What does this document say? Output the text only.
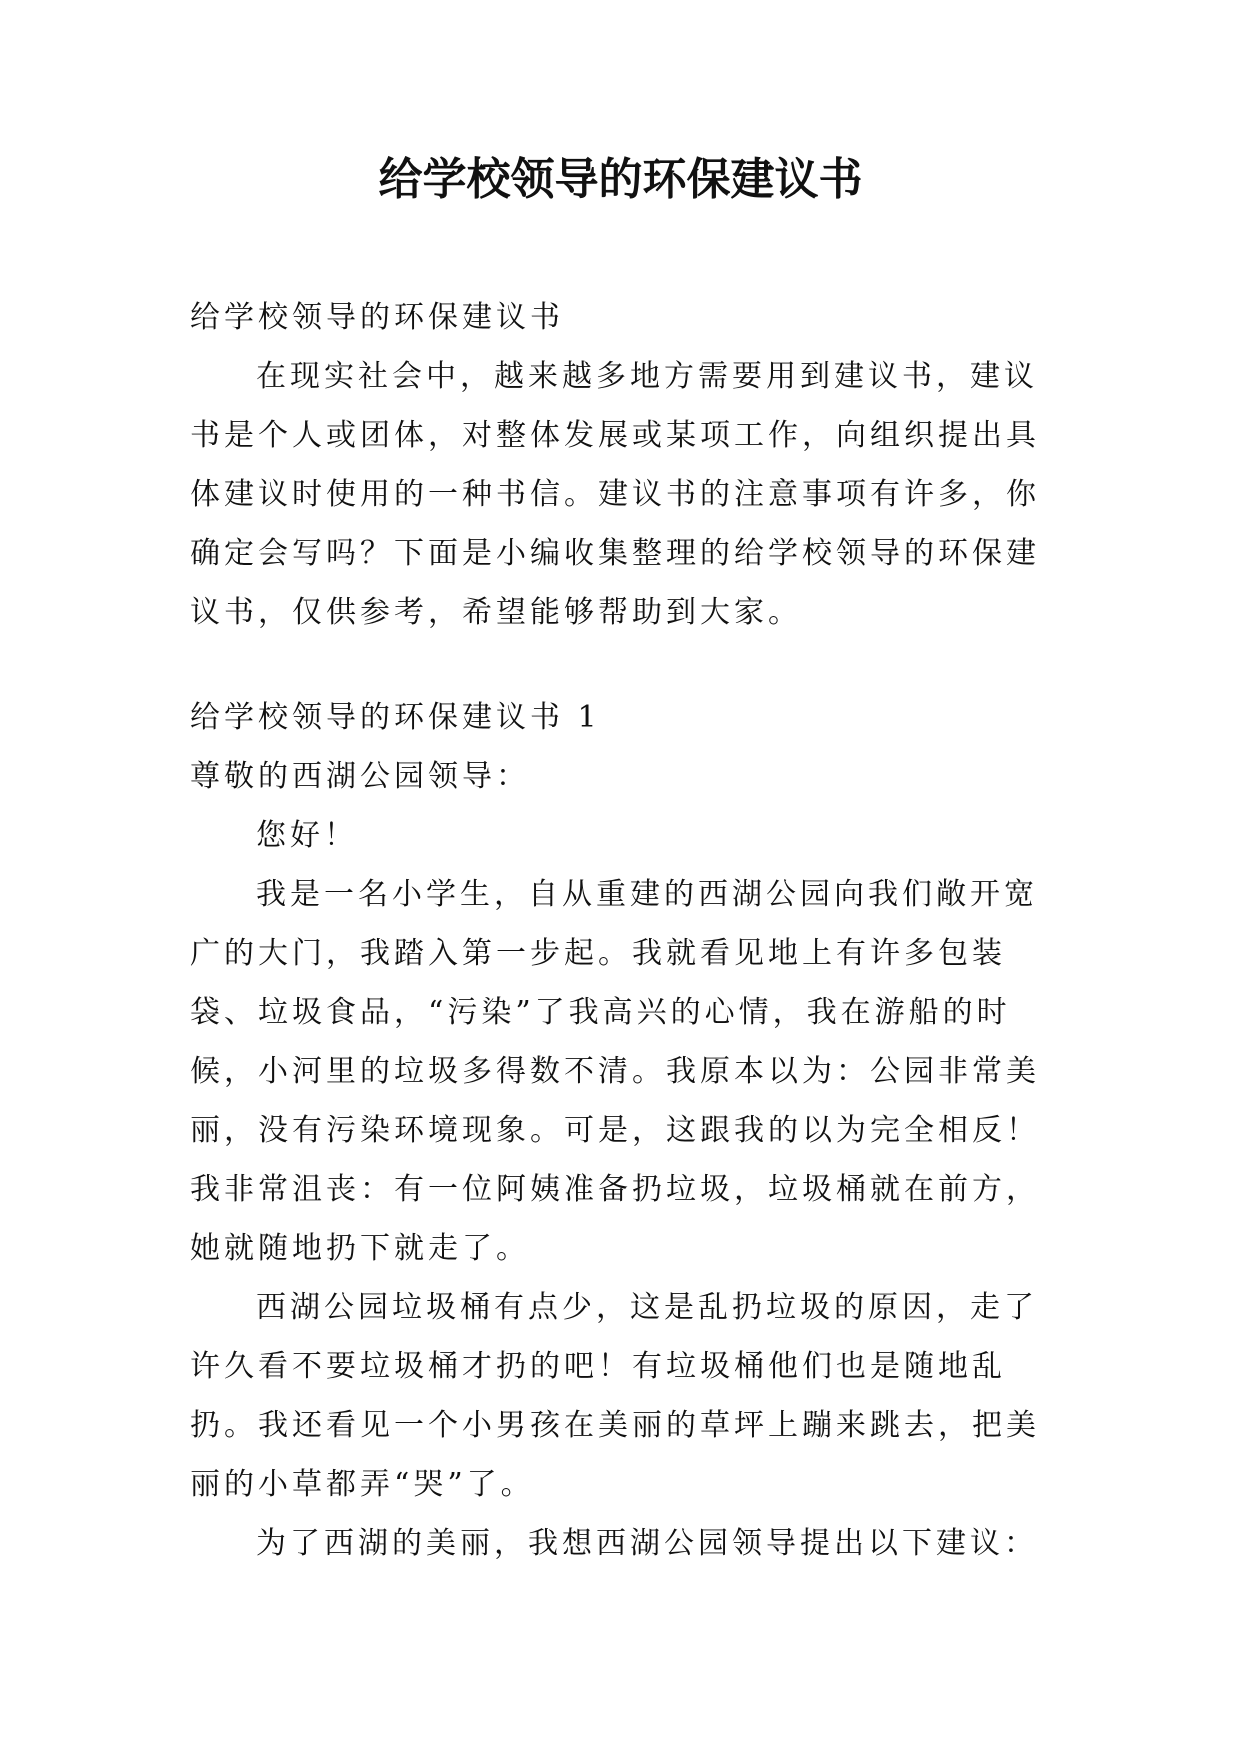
给学校领导的环保建议书

给学校领导的环保建议书

在现实社会中，越来越多地方需要用到建议书，建议书是个人或团体，对整体发展或某项工作，向组织提出具体建议时使用的一种书信。建议书的注意事项有许多，你确定会写吗？下面是小编收集整理的给学校领导的环保建议书，仅供参考，希望能够帮助到大家。

给学校领导的环保建议书 1

尊敬的西湖公园领导：

您好！

我是一名小学生，自从重建的西湖公园向我们敞开宽广的大门，我踏入第一步起。我就看见地上有许多包装袋、垃圾食品，“污染”了我高兴的心情，我在游船的时候，小河里的垃圾多得数不清。我原本以为：公园非常美丽，没有污染环境现象。可是，这跟我的以为完全相反！我非常沮丧：有一位阿姨准备扔垃圾，垃圾桶就在前方，她就随地扔下就走了。

西湖公园垃圾桶有点少，这是乱扔垃圾的原因，走了许久看不要垃圾桶才扔的吧！有垃圾桶他们也是随地乱扔。我还看见一个小男孩在美丽的草坪上蹦来跳去，把美丽的小草都弄“哭”了。

为了西湖的美丽，我想西湖公园领导提出以下建议：
